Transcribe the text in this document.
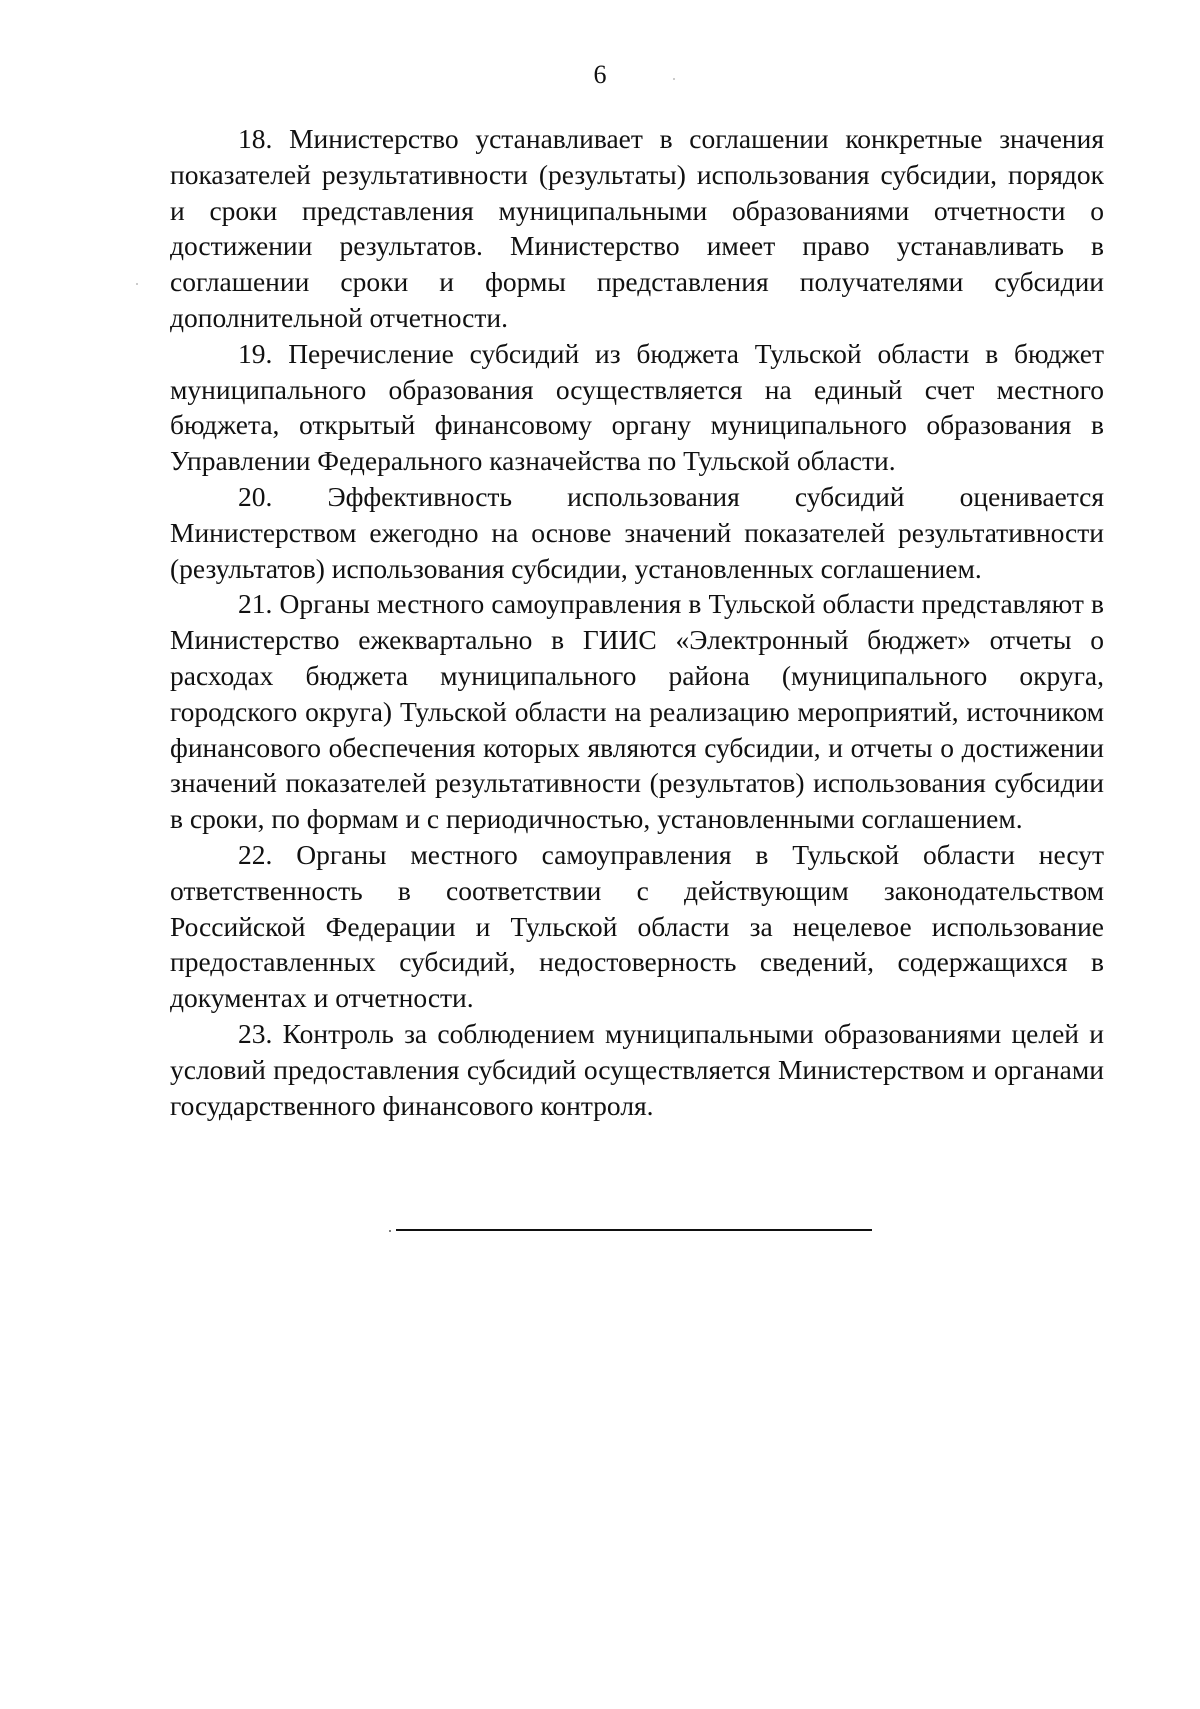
6

18. Министерство устанавливает в соглашении конкретные значения показателей результативности (результаты) использования субсидии, порядок и сроки представления муниципальными образованиями отчетности о достижении результатов. Министерство имеет право устанавливать в соглашении сроки и формы представления получателями субсидии дополнительной отчетности.

19. Перечисление субсидий из бюджета Тульской области в бюджет муниципального образования осуществляется на единый счет местного бюджета, открытый финансовому органу муниципального образования в Управлении Федерального казначейства по Тульской области.

20. Эффективность использования субсидий оценивается Министерством ежегодно на основе значений показателей результативности (результатов) использования субсидии, установленных соглашением.

21. Органы местного самоуправления в Тульской области представляют в Министерство ежеквартально в ГИИС «Электронный бюджет» отчеты о расходах бюджета муниципального района (муниципального округа, городского округа) Тульской области на реализацию мероприятий, источником финансового обеспечения которых являются субсидии, и отчеты о достижении значений показателей результативности (результатов) использования субсидии в сроки, по формам и с периодичностью, установленными соглашением.

22. Органы местного самоуправления в Тульской области несут ответственность в соответствии с действующим законодательством Российской Федерации и Тульской области за нецелевое использование предоставленных субсидий, недостоверность сведений, содержащихся в документах и отчетности.

23. Контроль за соблюдением муниципальными образованиями целей и условий предоставления субсидий осуществляется Министерством и органами государственного финансового контроля.
